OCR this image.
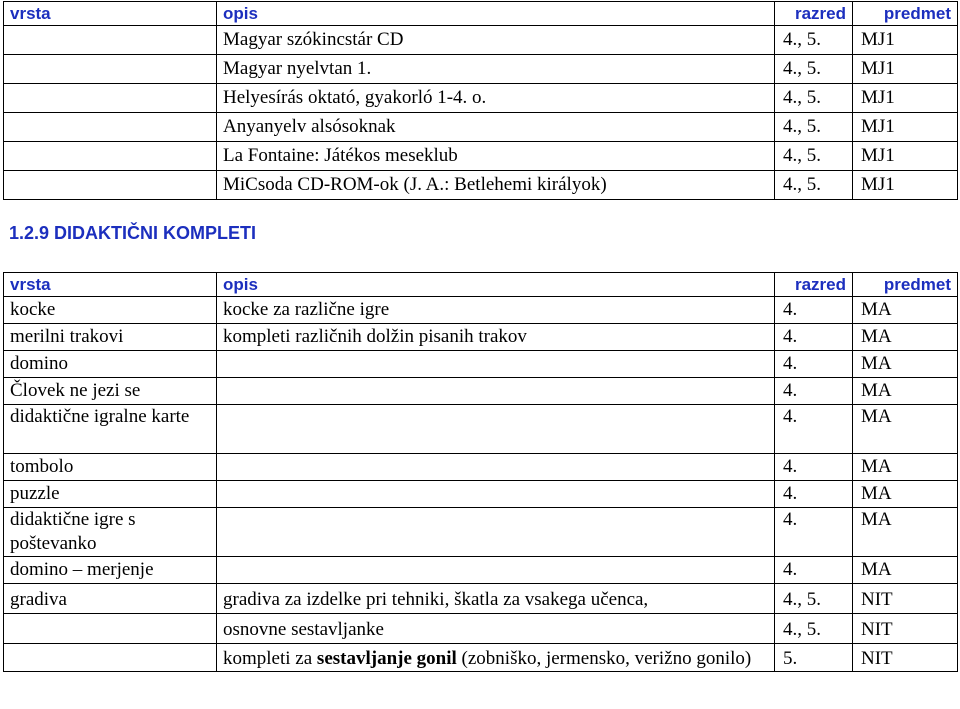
vrsta	opis	razred	predmet
	Magyar szókincstár CD	4., 5.	MJ1
	Magyar nyelvtan 1.	4., 5.	MJ1
	Helyesírás oktató, gyakorló 1-4. o.	4., 5.	MJ1
	Anyanyelv alsósoknak	4., 5.	MJ1
	La Fontaine: Játékos meseklub	4., 5.	MJ1
	MiCsoda CD-ROM-ok (J. A.: Betlehemi királyok)	4., 5.	MJ1
1.2.9 DIDAKTIČNI KOMPLETI
vrsta	opis	razred	predmet
kocke	kocke za različne igre	4.	MA
merilni trakovi	kompleti različnih dolžin pisanih trakov	4.	MA
domino		4.	MA
Človek ne jezi se		4.	MA
didaktične igralne karte		4.	MA
tombolo		4.	MA
puzzle		4.	MA
didaktične igre s poštevanko		4.	MA
domino – merjenje		4.	MA
gradiva	gradiva za izdelke pri tehniki, škatla za vsakega učenca,	4., 5.	NIT
	osnovne sestavljanke	4., 5.	NIT
	kompleti za sestavljanje gonil (zobniško, jermensko, verižno gonilo)	5.	NIT
